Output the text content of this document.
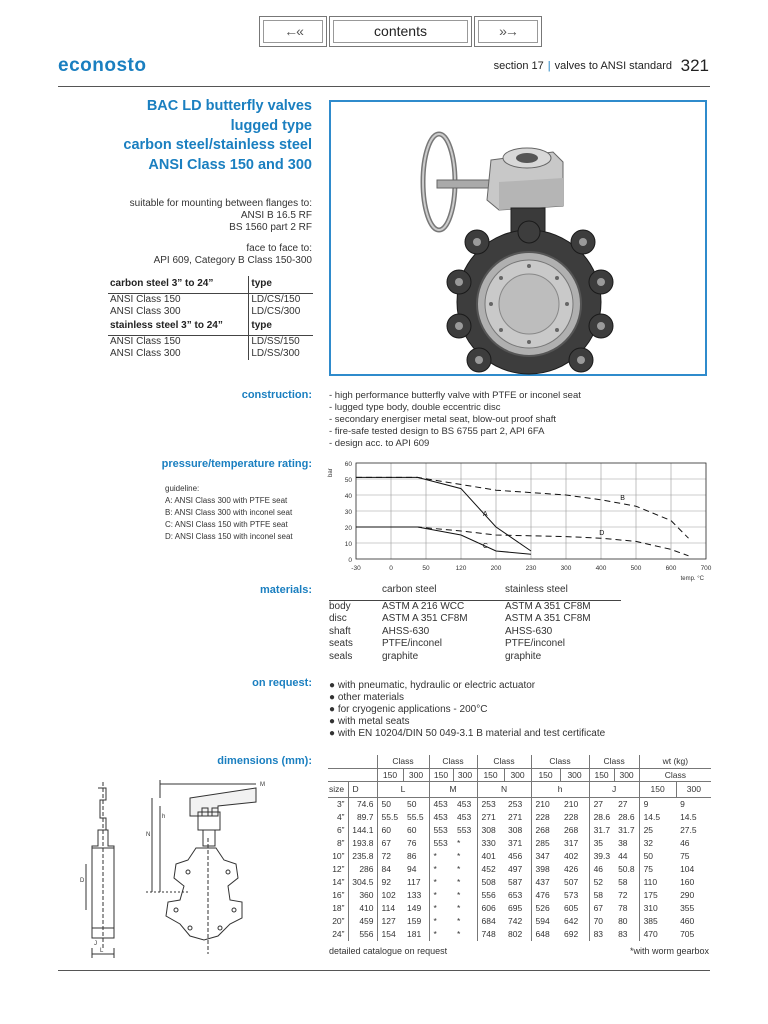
←«	contents	»→
econosto	section 17 | valves to ANSI standard 321
BAC LD butterfly valves
lugged type
carbon steel/stainless steel
ANSI Class 150 and 300
suitable for mounting between flanges to:
ANSI B 16.5 RF
BS 1560 part 2 RF
face to face to:
API 609, Category B Class 150-300
carbon steel 3” to 24”	type
ANSI Class 150	LD/CS/150
ANSI Class 300	LD/CS/300
stainless steel 3” to 24”	type
ANSI Class 150	LD/SS/150
ANSI Class 300	LD/SS/300
construction: - high performance butterfly valve with PTFE or inconel seat
- lugged type body, double eccentric disc
- secondary energiser metal seat, blow-out proof shaft
- fire-safe tested design to BS 6755 part 2, API 6FA
- design acc. to API 609
pressure/temperature rating:
guideline:
A: ANSI Class 300 with PTFE seat
B: ANSI Class 300 with inconel seat
C: ANSI Class 150 with PTFE seat
D: ANSI Class 150 with inconel seat
0
10
20
30
40
50
60
-30	0	50	120	200	230	300	400	500	600	700
bar
temp. °C
A
B
C
D
materials:
		carbon steel	stainless steel
body	ASTM A 216 WCC	ASTM A 351 CF8M
disc	ASTM A 351 CF8M	ASTM A 351 CF8M
shaft	AHSS-630	AHSS-630
seats	PTFE/inconel	PTFE/inconel
seals	graphite	graphite
on request: ● with pneumatic, hydraulic or electric actuator
● other materials
● for cryogenic applications - 200°C
● with metal seats
● with EN 10204/DIN 50 049-3.1 B material and test certificate
dimensions (mm):
M
N
h
D
J
L
		Class		Class		Class		Class		Class		wt (kg)	
		150	300	150	300	150	300	150	300	150	300	Class	
size	D	L		M		N		h		J		150	300
3”	74.6	50	50	453	453	253	253	210	210	27	27	9	9
4”	89.7	55.5	55.5	453	453	271	271	228	228	28.6	28.6	14.5	14.5
6”	144.1	60	60	553	553	308	308	268	268	31.7	31.7	25	27.5
8”	193.8	67	76	553	*	330	371	285	317	35	38	32	46
10”	235.8	72	86	*	*	401	456	347	402	39.3	44	50	75
12”	286	84	94	*	*	452	497	398	426	46	50.8	75	104
14”	304.5	92	117	*	*	508	587	437	507	52	58	110	160
16”	360	102	133	*	*	556	653	476	573	58	72	175	290
18”	410	114	149	*	*	606	695	526	605	67	78	310	355
20”	459	127	159	*	*	684	742	594	642	70	80	385	460
24”	556	154	181	*	*	748	802	648	692	83	83	470	705
detailed catalogue on request	*with worm gearbox
